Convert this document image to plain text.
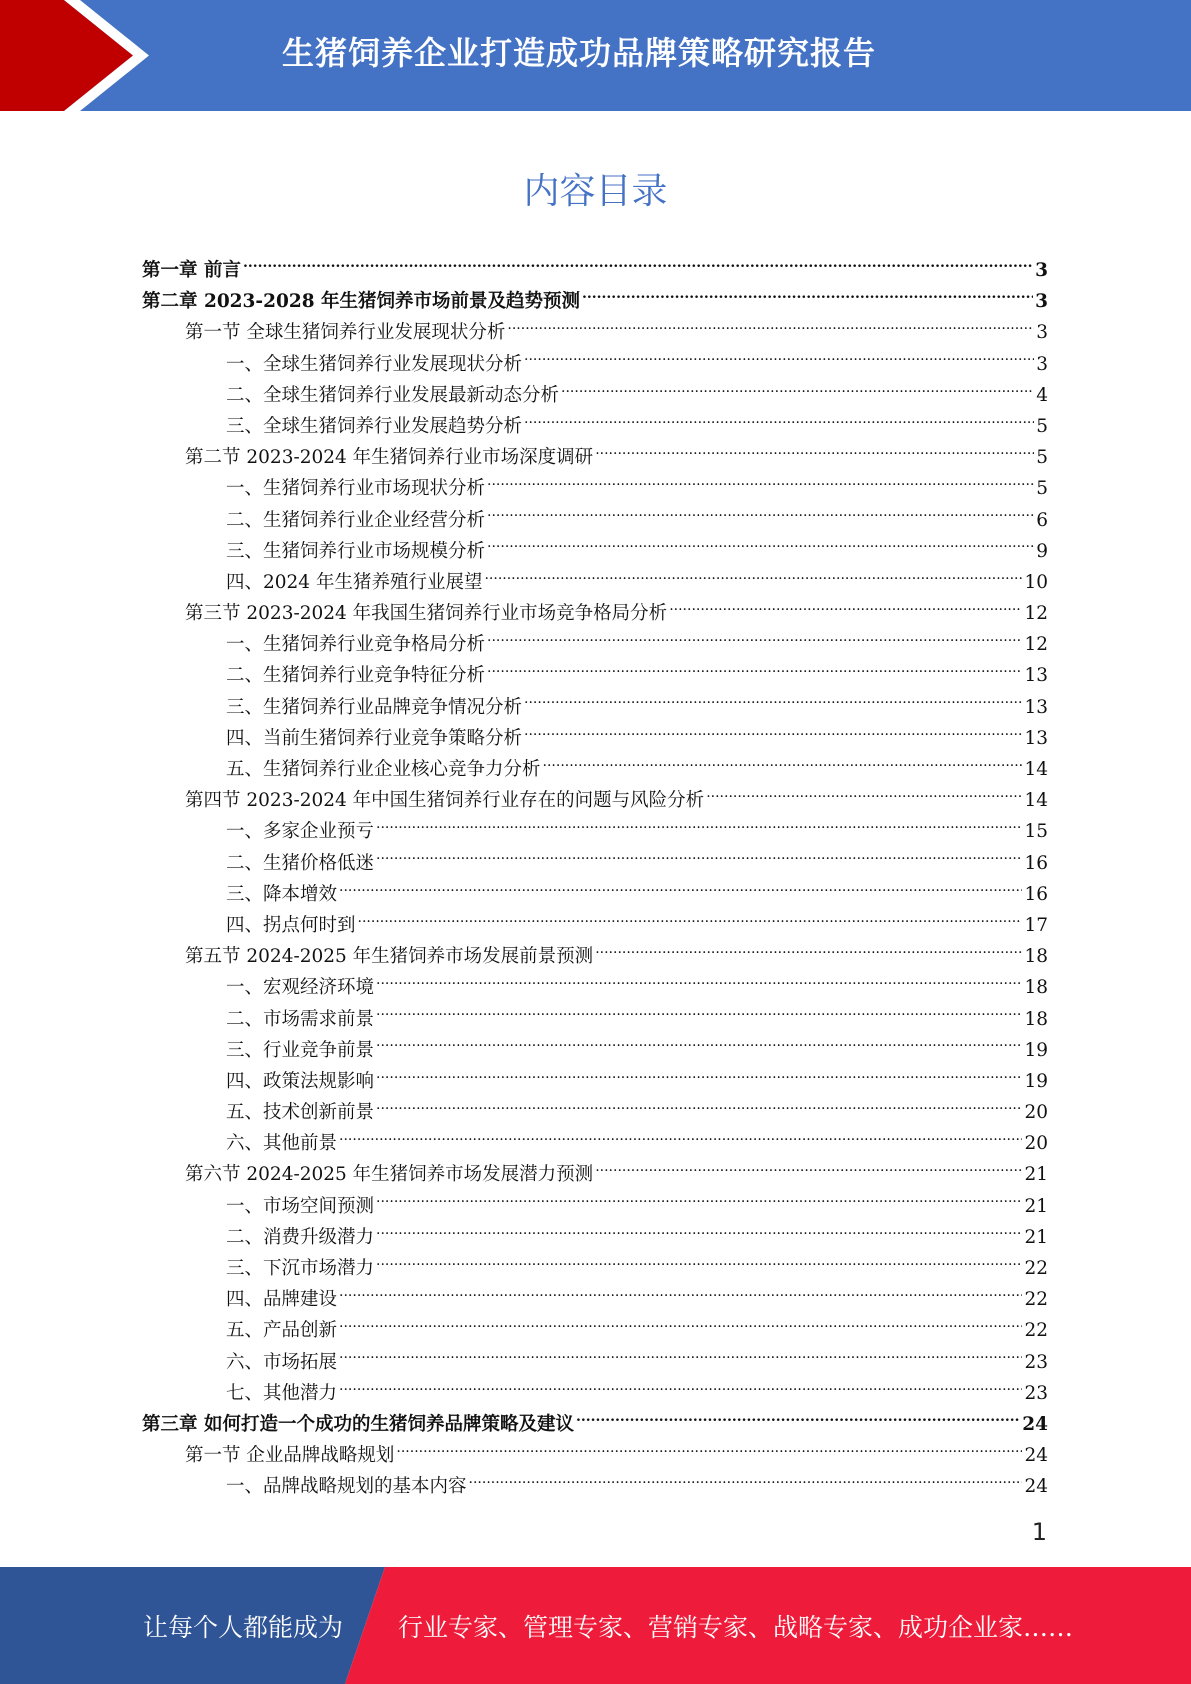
生猪饲养企业打造成功品牌策略研究报告
内容目录
第一章 前言 .....	3
第二章 2023-2028 年生猪饲养市场前景及趋势预测 .....	3
第一节 全球生猪饲养行业发展现状分析 .....	3
一、全球生猪饲养行业发展现状分析 .....	3
二、全球生猪饲养行业发展最新动态分析 .....	4
三、全球生猪饲养行业发展趋势分析 .....	5
第二节 2023-2024 年生猪饲养行业市场深度调研 .....	5
一、生猪饲养行业市场现状分析 .....	5
二、生猪饲养行业企业经营分析 .....	6
三、生猪饲养行业市场规模分析 .....	9
四、2024 年生猪养殖行业展望 .....	10
第三节 2023-2024 年我国生猪饲养行业市场竞争格局分析 .....	12
一、生猪饲养行业竞争格局分析 .....	12
二、生猪饲养行业竞争特征分析 .....	13
三、生猪饲养行业品牌竞争情况分析 .....	13
四、当前生猪饲养行业竞争策略分析 .....	13
五、生猪饲养行业企业核心竞争力分析 .....	14
第四节 2023-2024 年中国生猪饲养行业存在的问题与风险分析 .....	14
一、多家企业预亏 .....	15
二、生猪价格低迷 .....	16
三、降本增效 .....	16
四、拐点何时到 .....	17
第五节 2024-2025 年生猪饲养市场发展前景预测 .....	18
一、宏观经济环境 .....	18
二、市场需求前景 .....	18
三、行业竞争前景 .....	19
四、政策法规影响 .....	19
五、技术创新前景 .....	20
六、其他前景 .....	20
第六节 2024-2025 年生猪饲养市场发展潜力预测 .....	21
一、市场空间预测 .....	21
二、消费升级潜力 .....	21
三、下沉市场潜力 .....	22
四、品牌建设 .....	22
五、产品创新 .....	22
六、市场拓展 .....	23
七、其他潜力 .....	23
第三章 如何打造一个成功的生猪饲养品牌策略及建议 .....	24
第一节 企业品牌战略规划 .....	24
一、品牌战略规划的基本内容 .....	24
1
让每个人都能成为 行业专家、管理专家、营销专家、战略专家、成功企业家……
